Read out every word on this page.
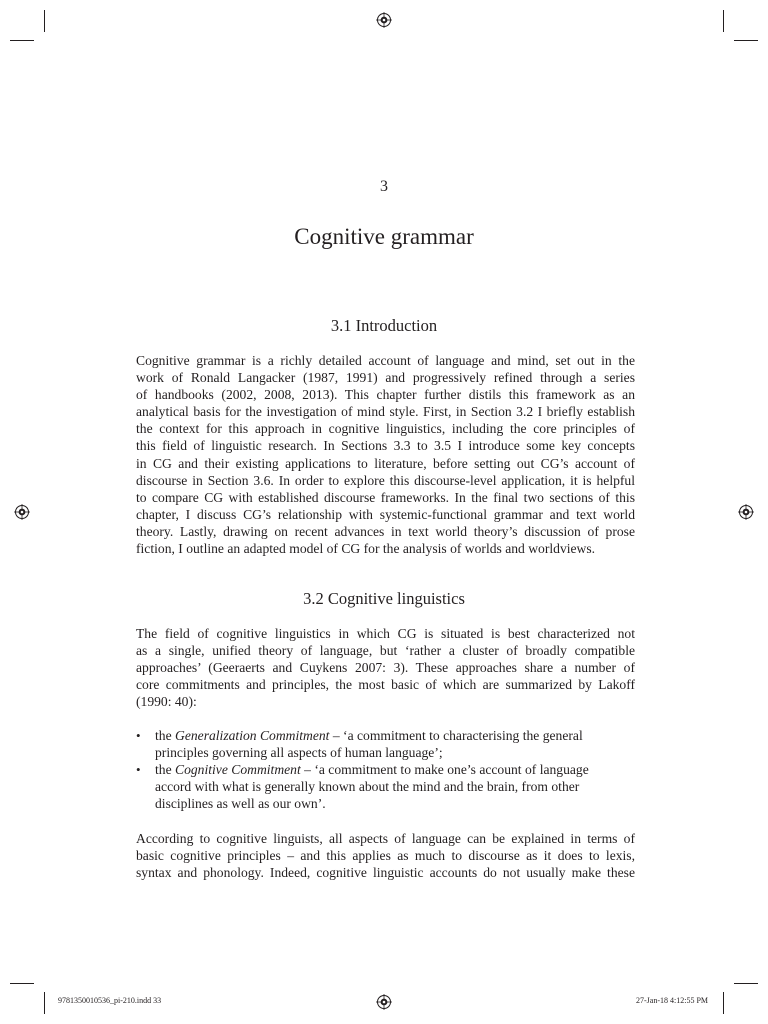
3
Cognitive grammar
3.1 Introduction
Cognitive grammar is a richly detailed account of language and mind, set out in the
work of Ronald Langacker (1987, 1991) and progressively refined through a series
of handbooks (2002, 2008, 2013). This chapter further distils this framework as an
analytical basis for the investigation of mind style. First, in Section 3.2 I briefly establish
the context for this approach in cognitive linguistics, including the core principles of
this field of linguistic research. In Sections 3.3 to 3.5 I introduce some key concepts
in CG and their existing applications to literature, before setting out CG’s account of
discourse in Section 3.6. In order to explore this discourse-level application, it is helpful
to compare CG with established discourse frameworks. In the final two sections of this
chapter, I discuss CG’s relationship with systemic-functional grammar and text world
theory. Lastly, drawing on recent advances in text world theory’s discussion of prose
fiction, I outline an adapted model of CG for the analysis of worlds and worldviews.
3.2 Cognitive linguistics
The field of cognitive linguistics in which CG is situated is best characterized not
as a single, unified theory of language, but ‘rather a cluster of broadly compatible
approaches’ (Geeraerts and Cuykens 2007: 3). These approaches share a number of
core commitments and principles, the most basic of which are summarized by Lakoff
(1990: 40):
• the Generalization Commitment – ‘a commitment to characterising the general
principles governing all aspects of human language’;
• the Cognitive Commitment – ‘a commitment to make one’s account of language
accord with what is generally known about the mind and the brain, from other
disciplines as well as our own’.
According to cognitive linguists, all aspects of language can be explained in terms of
basic cognitive principles – and this applies as much to discourse as it does to lexis,
syntax and phonology. Indeed, cognitive linguistic accounts do not usually make these
9781350010536_pi-210.indd 33	27-Jan-18 4:12:55 PM
